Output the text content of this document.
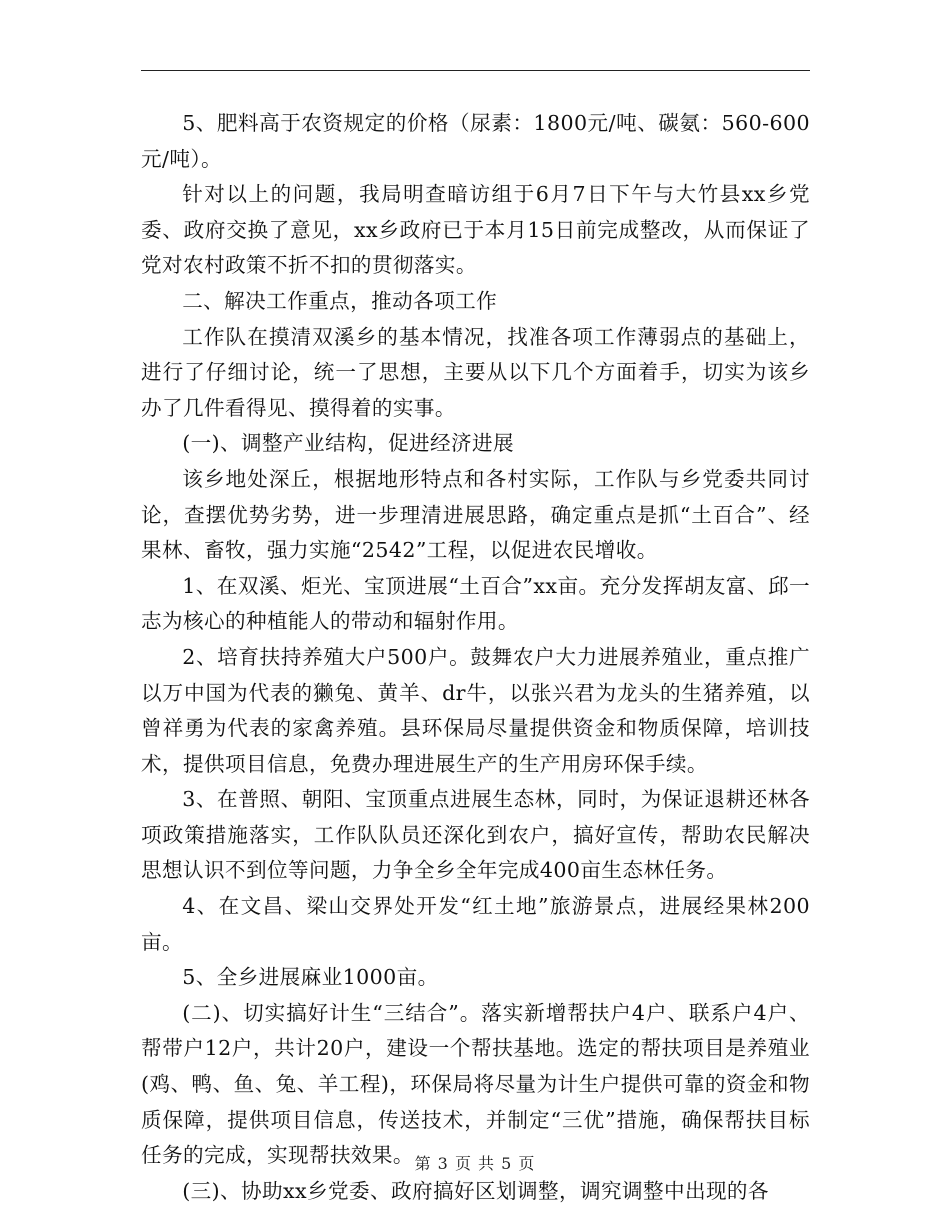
5、肥料高于农资规定的价格（尿素：1800元/吨、碳氨：560-600元/吨）。

针对以上的问题，我局明查暗访组于6月7日下午与大竹县xx乡党委、政府交换了意见，xx乡政府已于本月15日前完成整改，从而保证了党对农村政策不折不扣的贯彻落实。

二、解决工作重点，推动各项工作

工作队在摸清双溪乡的基本情况，找准各项工作薄弱点的基础上，进行了仔细讨论，统一了思想，主要从以下几个方面着手，切实为该乡办了几件看得见、摸得着的实事。

(一)、调整产业结构，促进经济进展

该乡地处深丘，根据地形特点和各村实际，工作队与乡党委共同讨论，查摆优势劣势，进一步理清进展思路，确定重点是抓“土百合”、经果林、畜牧，强力实施“2542”工程，以促进农民增收。

1、在双溪、炬光、宝顶进展“土百合”xx亩。充分发挥胡友富、邱一志为核心的种植能人的带动和辐射作用。

2、培育扶持养殖大户500户。鼓舞农户大力进展养殖业，重点推广以万中国为代表的獭兔、黄羊、dr牛，以张兴君为龙头的生猪养殖，以曾祥勇为代表的家禽养殖。县环保局尽量提供资金和物质保障，培训技术，提供项目信息，免费办理进展生产的生产用房环保手续。

3、在普照、朝阳、宝顶重点进展生态林，同时，为保证退耕还林各项政策措施落实，工作队队员还深化到农户，搞好宣传，帮助农民解决思想认识不到位等问题，力争全乡全年完成400亩生态林任务。

4、在文昌、梁山交界处开发“红土地”旅游景点，进展经果林200亩。

5、全乡进展麻业1000亩。

(二)、切实搞好计生“三结合”。落实新增帮扶户4户、联系户4户、帮带户12户，共计20户，建设一个帮扶基地。选定的帮扶项目是养殖业(鸡、鸭、鱼、兔、羊工程)，环保局将尽量为计生户提供可靠的资金和物质保障，提供项目信息，传送技术，并制定“三优”措施，确保帮扶目标任务的完成，实现帮扶效果。

(三)、协助xx乡党委、政府搞好区划调整，调究调整中出现的各

第 3 页 共 5 页
